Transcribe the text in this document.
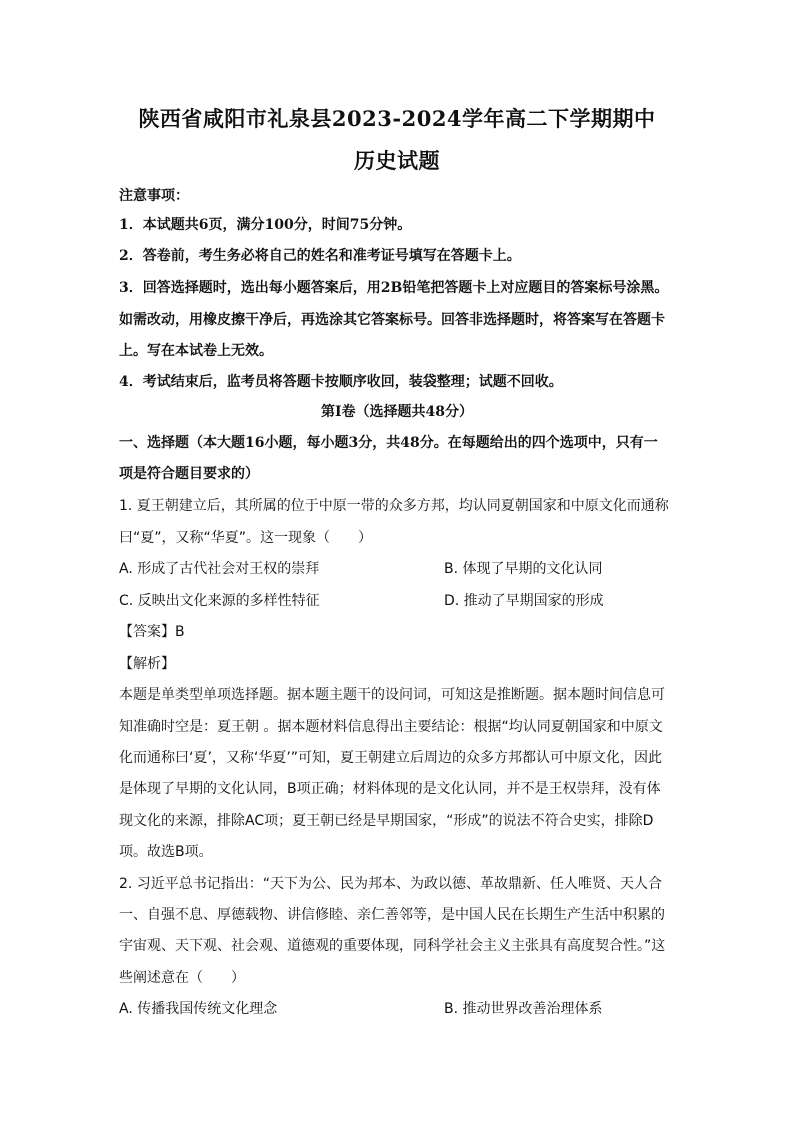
陕西省咸阳市礼泉县2023-2024学年高二下学期期中
历史试题
注意事项：
1．本试题共6页，满分100分，时间75分钟。
2．答卷前，考生务必将自己的姓名和准考证号填写在答题卡上。
3．回答选择题时，选出每小题答案后，用2B铅笔把答题卡上对应题目的答案标号涂黑。
如需改动，用橡皮擦干净后，再选涂其它答案标号。回答非选择题时，将答案写在答题卡
上。写在本试卷上无效。
4．考试结束后，监考员将答题卡按顺序收回，装袋整理；试题不回收。
第Ⅰ卷（选择题共48分）
一、选择题（本大题16小题，每小题3分，共48分。在每题给出的四个选项中，只有一
项是符合题目要求的）
1. 夏王朝建立后，其所属的位于中原一带的众多方邦，均认同夏朝国家和中原文化而通称
曰“夏”，又称“华夏”。这一现象（　　）
A. 形成了古代社会对王权的崇拜	B. 体现了早期的文化认同
C. 反映出文化来源的多样性特征	D. 推动了早期国家的形成
【答案】B
【解析】
本题是单类型单项选择题。据本题主题干的设问词，可知这是推断题。据本题时间信息可
知准确时空是：夏王朝 。据本题材料信息得出主要结论：根据“均认同夏朝国家和中原文
化而通称曰‘夏’，又称‘华夏’”可知，夏王朝建立后周边的众多方邦都认可中原文化，因此
是体现了早期的文化认同，B项正确；材料体现的是文化认同，并不是王权崇拜，没有体
现文化的来源，排除AC项；夏王朝已经是早期国家，“形成”的说法不符合史实，排除D
项。故选B项。
2. 习近平总书记指出：“天下为公、民为邦本、为政以德、革故鼎新、任人唯贤、天人合
一、自强不息、厚德载物、讲信修睦、亲仁善邻等，是中国人民在长期生产生活中积累的
宇宙观、天下观、社会观、道德观的重要体现，同科学社会主义主张具有高度契合性。”这
些阐述意在（　　）
A. 传播我国传统文化理念	B. 推动世界改善治理体系
